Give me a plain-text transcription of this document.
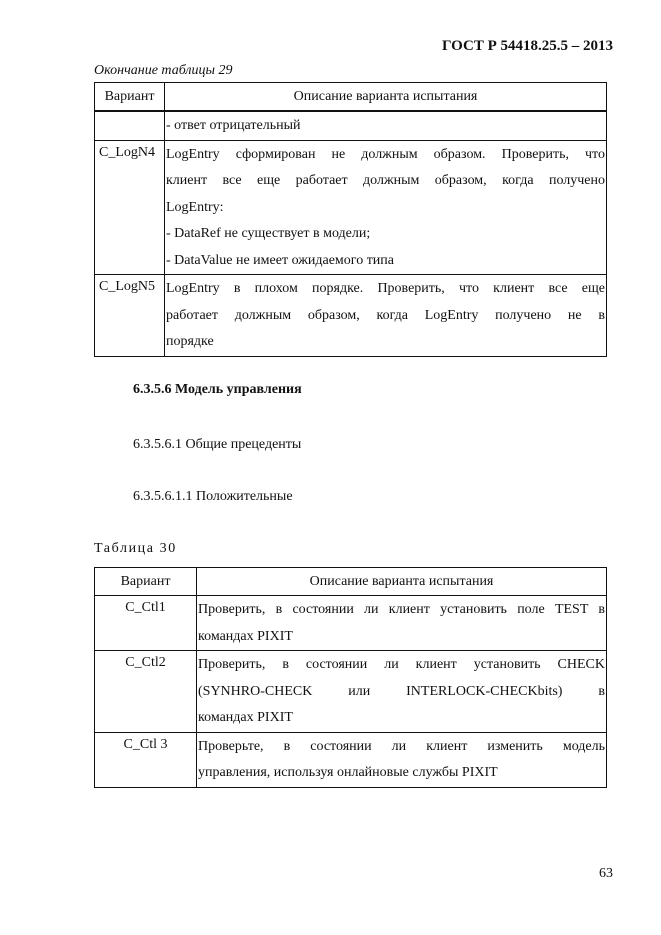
ГОСТ Р 54418.25.5 – 2013
Окончание таблицы 29
Вариант	Описание варианта испытания

	- ответ отрицательный

C_LogN4	LogEntry сформирован не должным образом. Проверить, что
клиент все еще работает должным образом, когда получено
LogEntry:
- DataRef не существует в модели;
- DataValue не имеет ожидаемого типа

C_LogN5	LogEntry в плохом порядке. Проверить, что клиент все еще
работает должным образом, когда LogEntry получено не в
порядке
6.3.5.6 Модель управления
6.3.5.6.1 Общие прецеденты
6.3.5.6.1.1 Положительные
Таблица 30
Вариант	Описание варианта испытания
C_Ctl1	Проверить, в состоянии ли клиент установить поле TEST в
командах PIXIT

C_Ctl2	Проверить, в состоянии ли клиент установить CHECK
(SYNHRO-CHECK или INTERLOCK-CHECKbits) в
командах PIXIT

C_Ctl 3	Проверьте, в состоянии ли клиент изменить модель
управления, используя онлайновые службы PIXIT
63
